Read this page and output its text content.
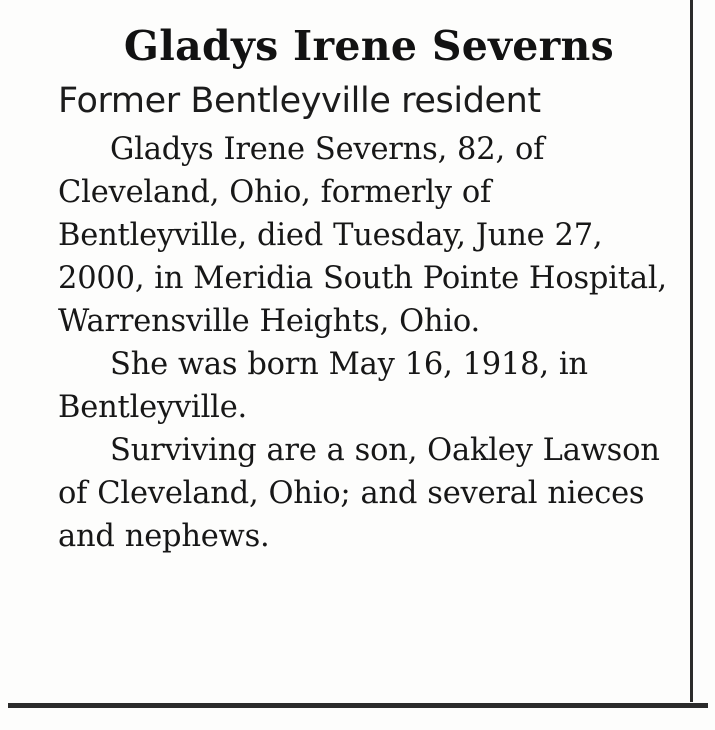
Gladys Irene Severns
Former Bentleyville resident

Gladys Irene Severns, 82, of Cleveland, Ohio, formerly of Bentleyville, died Tuesday, June 27, 2000, in Meridia South Pointe Hospital, Warrensville Heights, Ohio.

She was born May 16, 1918, in Bentleyville.

Surviving are a son, Oakley Lawson of Cleveland, Ohio; and several nieces and nephews.
